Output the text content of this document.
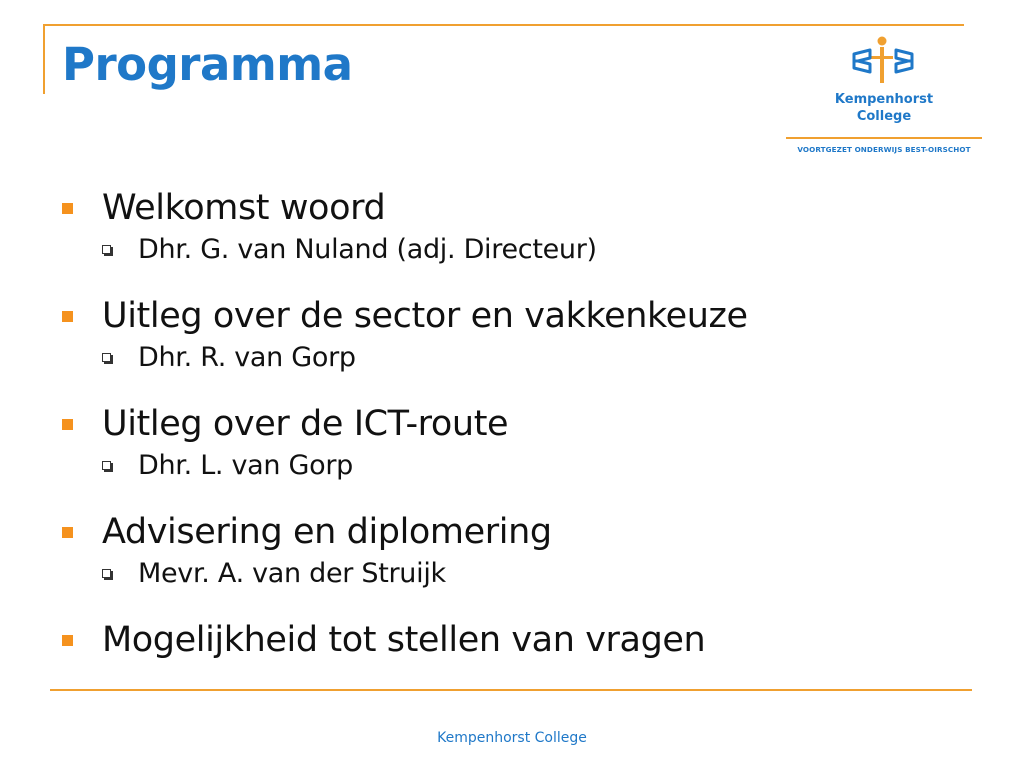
Programma
Kempenhorst
College
VOORTGEZET ONDERWIJS BEST-OIRSCHOT
Welkomst woord
Dhr. G. van Nuland (adj. Directeur)
Uitleg over de sector en vakkenkeuze
Dhr. R. van Gorp
Uitleg over de ICT-route
Dhr. L. van Gorp
Advisering en diplomering
Mevr. A. van der Struijk
Mogelijkheid tot stellen van vragen
Kempenhorst College
